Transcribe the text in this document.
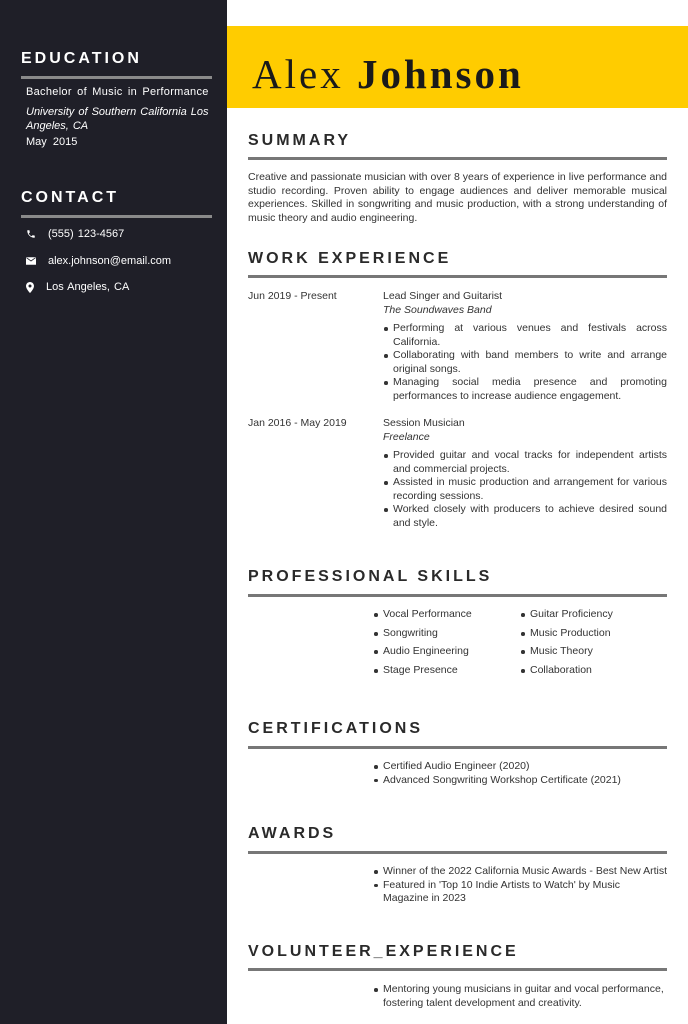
EDUCATION
Bachelor of Music in Performance
University of Southern California Los Angeles, CA
May 2015
CONTACT
(555) 123-4567
alex.johnson@email.com
Los Angeles, CA
Alex Johnson
SUMMARY
Creative and passionate musician with over 8 years of experience in live performance and studio recording. Proven ability to engage audiences and deliver memorable musical experiences. Skilled in songwriting and music production, with a strong understanding of music theory and audio engineering.
WORK EXPERIENCE
Jun 2019 - Present	Lead Singer and Guitarist
The Soundwaves Band
Performing at various venues and festivals across California.
Collaborating with band members to write and arrange original songs.
Managing social media presence and promoting performances to increase audience engagement.
Jan 2016 - May 2019	Session Musician
Freelance
Provided guitar and vocal tracks for independent artists and commercial projects.
Assisted in music production and arrangement for various recording sessions.
Worked closely with producers to achieve desired sound and style.
PROFESSIONAL SKILLS
Vocal Performance
Songwriting
Audio Engineering
Stage Presence
Guitar Proficiency
Music Production
Music Theory
Collaboration
CERTIFICATIONS
Certified Audio Engineer (2020)
Advanced Songwriting Workshop Certificate (2021)
AWARDS
Winner of the 2022 California Music Awards - Best New Artist
Featured in 'Top 10 Indie Artists to Watch' by Music Magazine in 2023
VOLUNTEER_EXPERIENCE
Mentoring young musicians in guitar and vocal performance, fostering talent development and creativity.
